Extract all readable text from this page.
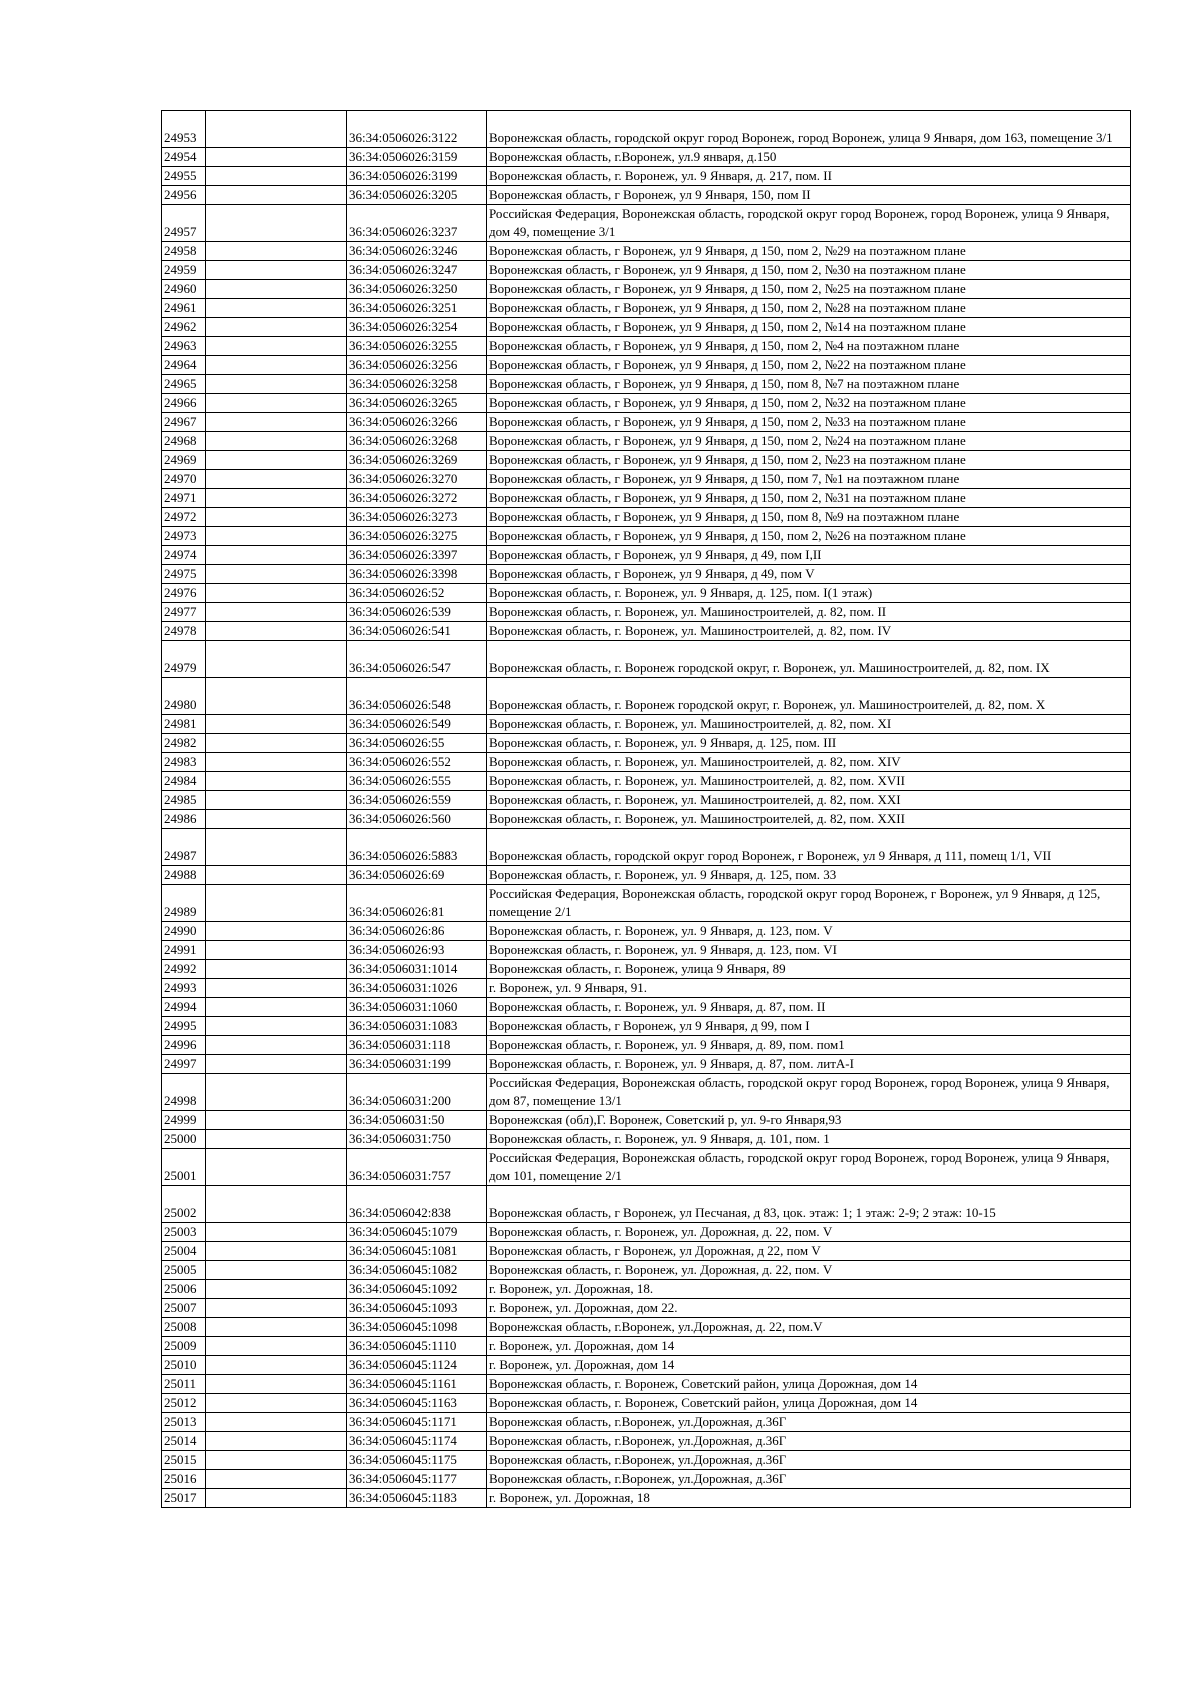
24953		36:34:0506026:3122	Воронежская область, городской округ город Воронеж, город Воронеж, улица 9 Января, дом 163, помещение 3/1
24954		36:34:0506026:3159	Воронежская область, г.Воронеж, ул.9 января, д.150
24955		36:34:0506026:3199	Воронежская область, г. Воронеж, ул. 9 Января, д. 217, пом. II
24956		36:34:0506026:3205	Воронежская область, г Воронеж, ул 9 Января, 150, пом II
24957		36:34:0506026:3237	Российская Федерация, Воронежская область, городской округ город Воронеж, город Воронеж, улица 9 Января, дом 49, помещение 3/1
24958		36:34:0506026:3246	Воронежская область, г Воронеж, ул 9 Января, д 150, пом 2, №29 на поэтажном плане
24959		36:34:0506026:3247	Воронежская область, г Воронеж, ул 9 Января, д 150, пом 2, №30 на поэтажном плане
24960		36:34:0506026:3250	Воронежская область, г Воронеж, ул 9 Января, д 150, пом 2, №25 на поэтажном плане
24961		36:34:0506026:3251	Воронежская область, г Воронеж, ул 9 Января, д 150, пом 2, №28 на поэтажном плане
24962		36:34:0506026:3254	Воронежская область, г Воронеж, ул 9 Января, д 150, пом 2, №14 на поэтажном плане
24963		36:34:0506026:3255	Воронежская область, г Воронеж, ул 9 Января, д 150, пом 2, №4 на поэтажном плане
24964		36:34:0506026:3256	Воронежская область, г Воронеж, ул 9 Января, д 150, пом 2, №22 на поэтажном плане
24965		36:34:0506026:3258	Воронежская область, г Воронеж, ул 9 Января, д 150, пом 8, №7 на поэтажном плане
24966		36:34:0506026:3265	Воронежская область, г Воронеж, ул 9 Января, д 150, пом 2, №32 на поэтажном плане
24967		36:34:0506026:3266	Воронежская область, г Воронеж, ул 9 Января, д 150, пом 2, №33 на поэтажном плане
24968		36:34:0506026:3268	Воронежская область, г Воронеж, ул 9 Января, д 150, пом 2, №24 на поэтажном плане
24969		36:34:0506026:3269	Воронежская область, г Воронеж, ул 9 Января, д 150, пом 2, №23 на поэтажном плане
24970		36:34:0506026:3270	Воронежская область, г Воронеж, ул 9 Января, д 150, пом 7, №1 на поэтажном плане
24971		36:34:0506026:3272	Воронежская область, г Воронеж, ул 9 Января, д 150, пом 2, №31 на поэтажном плане
24972		36:34:0506026:3273	Воронежская область, г Воронеж, ул 9 Января, д 150, пом 8, №9 на поэтажном плане
24973		36:34:0506026:3275	Воронежская область, г Воронеж, ул 9 Января, д 150, пом 2, №26 на поэтажном плане
24974		36:34:0506026:3397	Воронежская область, г Воронеж, ул 9 Января, д 49, пом I,II
24975		36:34:0506026:3398	Воронежская область, г Воронеж, ул 9 Января, д 49, пом V
24976		36:34:0506026:52	Воронежская область, г. Воронеж, ул. 9 Января, д. 125, пом. I(1 этаж)
24977		36:34:0506026:539	Воронежская область, г. Воронеж, ул. Машиностроителей, д. 82, пом. II
24978		36:34:0506026:541	Воронежская область, г. Воронеж, ул. Машиностроителей, д. 82, пом. IV
24979		36:34:0506026:547	Воронежская область, г. Воронеж городской округ, г. Воронеж, ул. Машиностроителей, д. 82, пом. IX
24980		36:34:0506026:548	Воронежская область, г. Воронеж городской округ, г. Воронеж, ул. Машиностроителей, д. 82, пом. X
24981		36:34:0506026:549	Воронежская область, г. Воронеж, ул. Машиностроителей, д. 82, пом. XI
24982		36:34:0506026:55	Воронежская область, г. Воронеж, ул. 9 Января, д. 125, пом. III
24983		36:34:0506026:552	Воронежская область, г. Воронеж, ул. Машиностроителей, д. 82, пом. XIV
24984		36:34:0506026:555	Воронежская область, г. Воронеж, ул. Машиностроителей, д. 82, пом. XVII
24985		36:34:0506026:559	Воронежская область, г. Воронеж, ул. Машиностроителей, д. 82, пом. XXI
24986		36:34:0506026:560	Воронежская область, г. Воронеж, ул. Машиностроителей, д. 82, пом. XXII
24987		36:34:0506026:5883	Воронежская область, городской округ город Воронеж, г Воронеж, ул 9 Января, д 111, помещ 1/1, VII
24988		36:34:0506026:69	Воронежская область, г. Воронеж, ул. 9 Января, д. 125, пом. 33
24989		36:34:0506026:81	Российская Федерация, Воронежская область, городской округ город Воронеж, г Воронеж, ул 9 Января, д 125, помещение 2/1
24990		36:34:0506026:86	Воронежская область, г. Воронеж, ул. 9 Января, д. 123, пом. V
24991		36:34:0506026:93	Воронежская область, г. Воронеж, ул. 9 Января, д. 123, пом. VI
24992		36:34:0506031:1014	Воронежская область, г. Воронеж, улица 9 Января, 89
24993		36:34:0506031:1026	г. Воронеж, ул. 9 Января, 91.
24994		36:34:0506031:1060	Воронежская область, г. Воронеж, ул. 9 Января, д. 87, пом. II
24995		36:34:0506031:1083	Воронежская область, г Воронеж, ул 9 Января, д 99, пом I
24996		36:34:0506031:118	Воронежская область, г. Воронеж, ул. 9 Января, д. 89, пом. пом1
24997		36:34:0506031:199	Воронежская область, г. Воронеж, ул. 9 Января, д. 87, пом. литА-I
24998		36:34:0506031:200	Российская Федерация, Воронежская область, городской округ город Воронеж, город Воронеж, улица 9 Января, дом 87, помещение 13/1
24999		36:34:0506031:50	Воронежская (обл),Г. Воронеж, Советский р, ул. 9-го Января,93
25000		36:34:0506031:750	Воронежская область, г. Воронеж, ул. 9 Января, д. 101, пом. 1
25001		36:34:0506031:757	Российская Федерация, Воронежская область, городской округ город Воронеж, город Воронеж, улица 9 Января, дом 101, помещение 2/1
25002		36:34:0506042:838	Воронежская область, г Воронеж, ул Песчаная, д 83, цок. этаж: 1; 1 этаж: 2-9; 2 этаж: 10-15
25003		36:34:0506045:1079	Воронежская область, г. Воронеж, ул. Дорожная, д. 22, пом. V
25004		36:34:0506045:1081	Воронежская область, г Воронеж, ул Дорожная, д 22, пом V
25005		36:34:0506045:1082	Воронежская область, г. Воронеж, ул. Дорожная, д. 22, пом. V
25006		36:34:0506045:1092	г. Воронеж, ул. Дорожная, 18.
25007		36:34:0506045:1093	г. Воронеж, ул. Дорожная, дом 22.
25008		36:34:0506045:1098	Воронежская область, г.Воронеж, ул.Дорожная, д. 22, пом.V
25009		36:34:0506045:1110	г. Воронеж, ул. Дорожная, дом 14
25010		36:34:0506045:1124	г. Воронеж, ул. Дорожная, дом 14
25011		36:34:0506045:1161	Воронежская область, г. Воронеж, Советский район, улица Дорожная, дом 14
25012		36:34:0506045:1163	Воронежская область, г. Воронеж, Советский район, улица Дорожная, дом 14
25013		36:34:0506045:1171	Воронежская область, г.Воронеж, ул.Дорожная, д.36Г
25014		36:34:0506045:1174	Воронежская область, г.Воронеж, ул.Дорожная, д.36Г
25015		36:34:0506045:1175	Воронежская область, г.Воронеж, ул.Дорожная, д.36Г
25016		36:34:0506045:1177	Воронежская область, г.Воронеж, ул.Дорожная, д.36Г
25017		36:34:0506045:1183	г. Воронеж, ул. Дорожная, 18
